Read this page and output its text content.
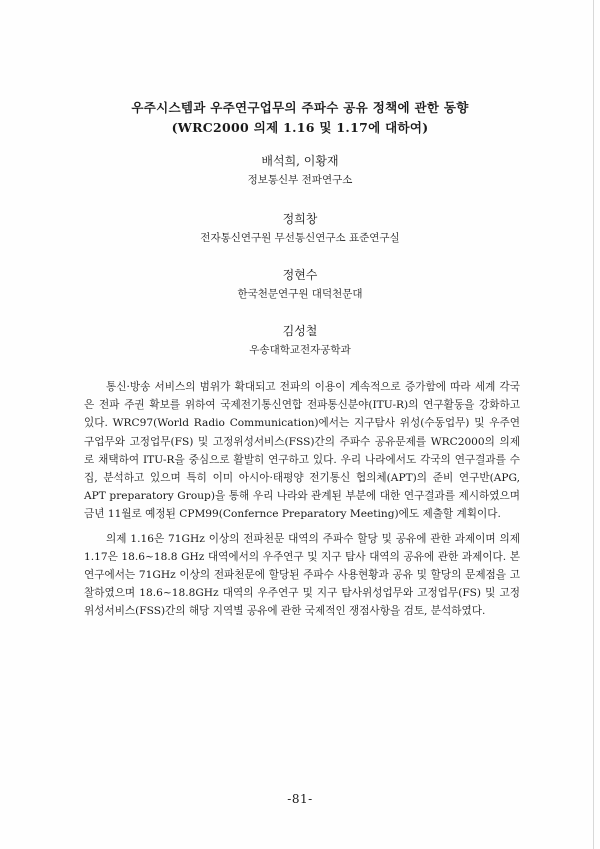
우주시스템과 우주연구업무의 주파수 공유 정책에 관한 동향
(WRC2000 의제 1.16 및 1.17에 대하여)
배석희, 이황재
정보통신부 전파연구소
정희창
전자통신연구원 무선통신연구소 표준연구실
정현수
한국천문연구원 대덕천문대
김성철
우송대학교전자공학과

통신·방송 서비스의 범위가 확대되고 전파의 이용이 계속적으로 증가함에 따라 세계 각국은 전파 주권 확보를 위하여 국제전기통신연합 전파통신분야(ITU-R)의 연구활동을 강화하고 있다. WRC97(World Radio Communication)에서는 지구탐사 위성(수동업무) 및 우주연구업무와 고정업무(FS) 및 고정위성서비스(FSS)간의 주파수 공유문제를 WRC2000의 의제로 채택하여 ITU-R을 중심으로 활발히 연구하고 있다. 우리 나라에서도 각국의 연구결과를 수집, 분석하고 있으며 특히 이미 아시아·태평양 전기통신 협의체(APT)의 준비 연구반(APG, APT preparatory Group)을 통해 우리 나라와 관계된 부분에 대한 연구결과를 제시하였으며 금년 11월로 예정된 CPM99(Confernce Preparatory Meeting)에도 제출할 계획이다.

의제 1.16은 71GHz 이상의 전파천문 대역의 주파수 할당 및 공유에 관한 과제이며 의제 1.17은 18.6~18.8 GHz 대역에서의 우주연구 및 지구 탐사 대역의 공유에 관한 과제이다. 본 연구에서는 71GHz 이상의 전파천문에 할당된 주파수 사용현황과 공유 및 할당의 문제점을 고찰하였으며 18.6~18.8GHz 대역의 우주연구 및 지구 탐사위성업무와 고정업무(FS) 및 고정위성서비스(FSS)간의 해당 지역별 공유에 관한 국제적인 쟁점사항을 검토, 분석하였다.

-81-
